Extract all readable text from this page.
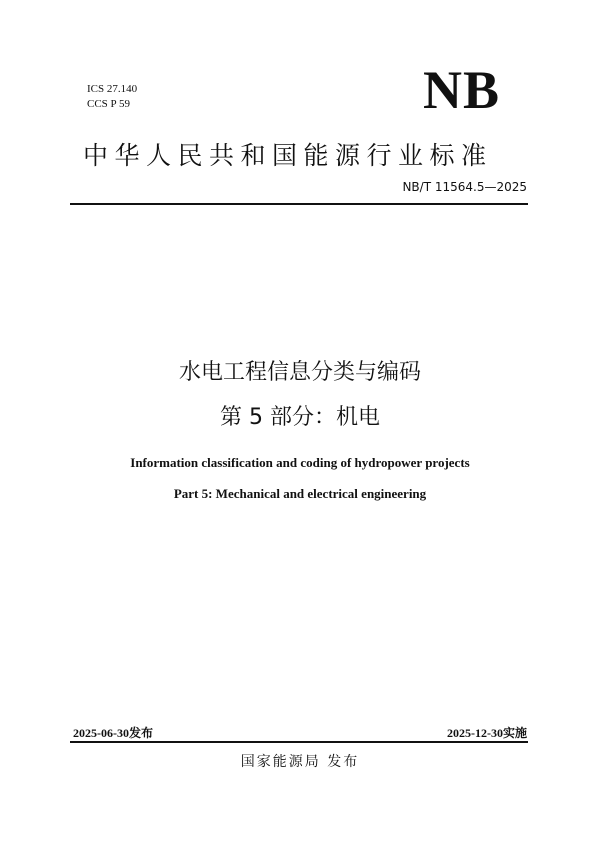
ICS 27.140
CCS P 59	NB
中华人民共和国能源行业标准
NB/T 11564.5—2025
水电工程信息分类与编码
第 5 部分：机电
Information classification and coding of hydropower projects
Part 5: Mechanical and electrical engineering
2025-06-30发布	2025-12-30实施
国家能源局 发布
